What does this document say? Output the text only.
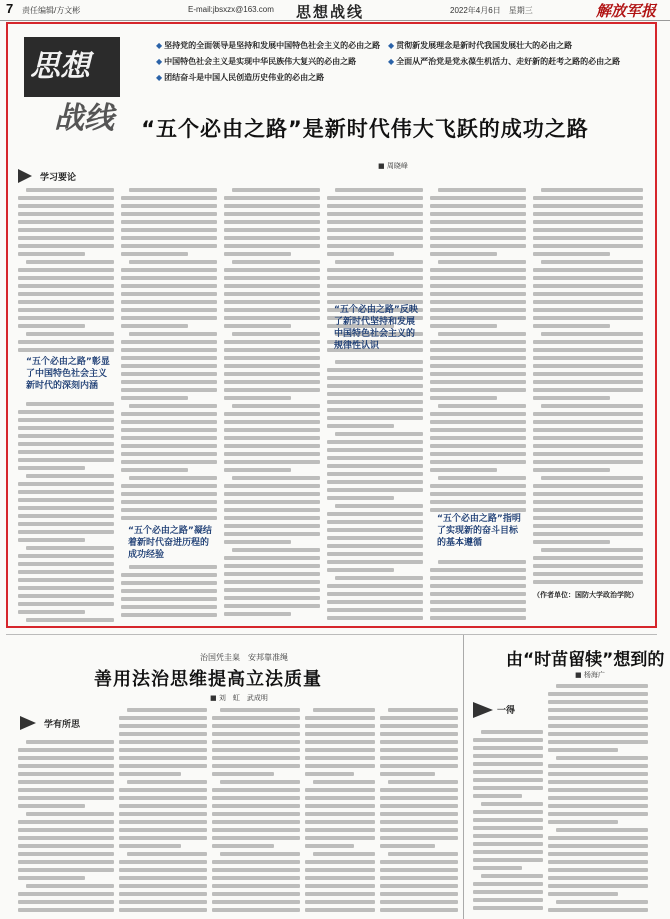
7 责任编辑/方文彬	E-mail:jbsxzx@163.com 思想战线	2022年4月6日　星期三	解放军报
思想
战线
◆ 坚持党的全面领导是坚持和发展中国特色社会主义的必由之路 ◆ 贯彻新发展理念是新时代我国发展壮大的必由之路
◆ 中国特色社会主义是实现中华民族伟大复兴的必由之路	◆ 全面从严治党是党永葆生机活力、走好新的赶考之路的必由之路
◆ 团结奋斗是中国人民创造历史伟业的必由之路
“五个必由之路”是新时代伟大飞跃的成功之路
■ 周晓峰
学习要论
“五个必由之路”彰显了中国特色社会主义新时代的深刻内涵
“五个必由之路”凝结着新时代奋进历程的成功经验
“五个必由之路”反映了新时代坚持和发展中国特色社会主义的规律性认识
“五个必由之路”指明了实现新的奋斗目标的基本遵循
（作者单位：国防大学政治学院）
治国凭圭臬　安邦靠准绳
善用法治思维提高立法质量
■ 刘　虹　武成明
学有所思
由“时苗留犊”想到的
■ 杨海广
一得
